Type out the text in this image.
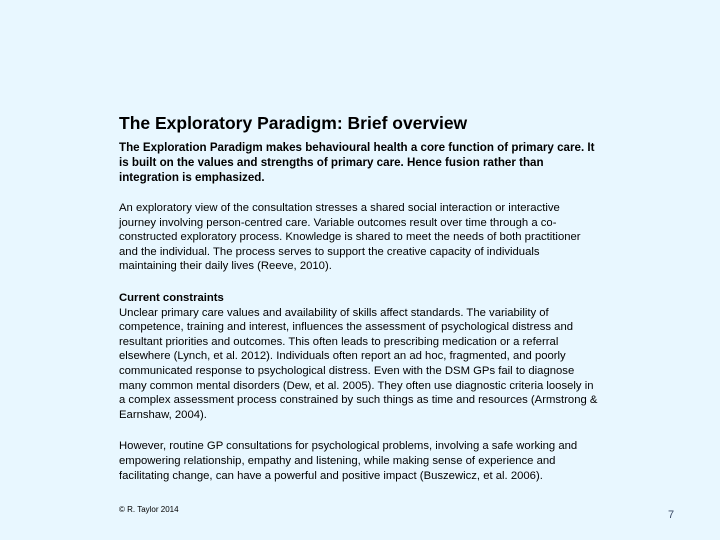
The Exploratory Paradigm: Brief overview
The Exploration Paradigm makes behavioural health a core function of primary care. It is built on the values and strengths of primary care. Hence fusion rather than integration is emphasized.
An exploratory view of the consultation stresses a shared social interaction or interactive journey involving person-centred care. Variable outcomes result over time through a co-constructed exploratory process. Knowledge is shared to meet the needs of both practitioner and the individual. The process serves to support the creative capacity of individuals maintaining their daily lives (Reeve, 2010).
Current constraints
Unclear primary care values and availability of skills affect standards. The variability of competence, training and interest, influences the assessment of psychological distress and resultant priorities and outcomes. This often leads to prescribing medication or a referral elsewhere (Lynch, et al. 2012). Individuals often report an ad hoc, fragmented, and poorly communicated response to psychological distress. Even with the DSM GPs fail to diagnose many common mental disorders (Dew, et al. 2005). They often use diagnostic criteria loosely in a complex assessment process constrained by such things as time and resources (Armstrong & Earnshaw, 2004).
However, routine GP consultations for psychological problems, involving a safe working and empowering relationship, empathy and listening, while making sense of experience and facilitating change, can have a powerful and positive impact (Buszewicz, et al. 2006).
© R. Taylor 2014	7
